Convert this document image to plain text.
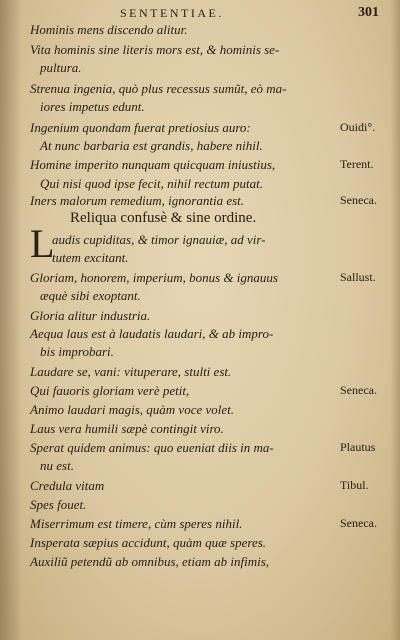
SENTENTIAE.	301
Hominis mens discendo alitur.
Vita hominis sine literis mors est, & hominis se-
pultura.
Strenua ingenia, quò plus recessus sumũt, eò ma-
iores impetus edunt.
Ingenium quondam fuerat pretiosius auro:
At nunc barbaria est grandis, habere nihil.
Homine imperito nunquam quicquam iniustius,
Qui nisi quod ipse fecit, nihil rectum putat.
Iners malorum remedium, ignorantia est.
Reliqua confusè & sine ordine.
L
audis cupiditas, & timor ignauiæ, ad vir-
tutem excitant.
Gloriam, honorem, imperium, bonus & ignauus
æquè sibi exoptant.
Gloria alitur industria.
Aequa laus est à laudatis laudari, & ab impro-
bis improbari.
Laudare se, vani: vituperare, stulti est.
Qui fauoris gloriam verè petit,
Animo laudari magis, quàm voce volet.
Laus vera humili sæpè contingit viro.
Sperat quidem animus: quo eueniat diis in ma-
nu est.
Credula vitam
Spes fouet.
Miserrimum est timere, cùm speres nihil.
Insperata sæpius accidunt, quàm quæ speres.
Auxiliũ petendũ ab omnibus, etiam ab infimis,
Ouidi°.
Terent.
Seneca.
Sallust.
Seneca.
Plautus
Tibul.
Seneca.
